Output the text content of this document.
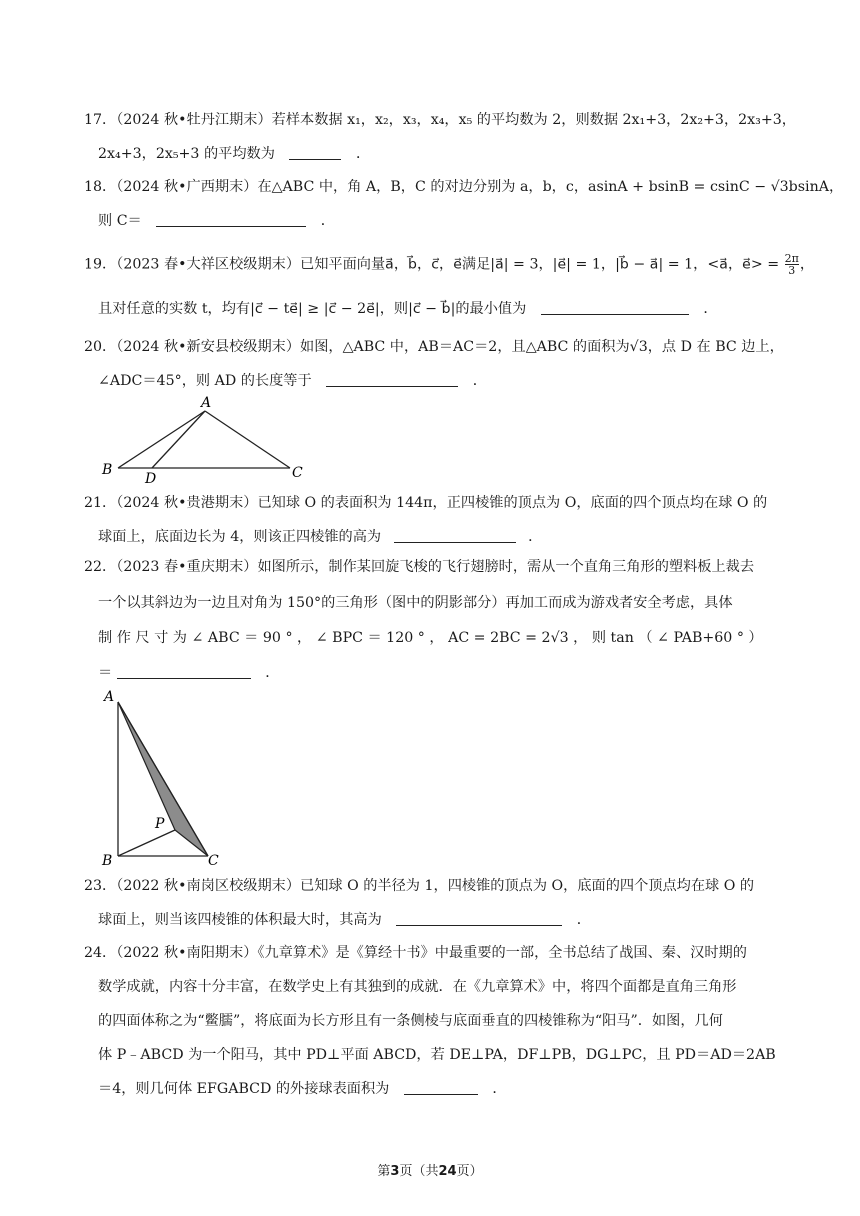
17．（2024 秋•牡丹江期末）若样本数据 x₁，x₂，x₃，x₄，x₅ 的平均数为 2，则数据 2x₁+3，2x₂+3，2x₃+3，
2x₄+3，2x₅+3 的平均数为	．
18．（2024 秋•广西期末）在△ABC 中，角 A，B，C 的对边分别为 a，b，c，asinA + bsinB = csinC − √3bsinA，
则 C＝	．
19．（2023 春•大祥区校级期末）已知平面向量a⃗，b⃗，c⃗，e⃗满足|a⃗| = 3，|e⃗| = 1，|b⃗ − a⃗| = 1，<a⃗，e⃗> = $\frac{2\pi}{3}$ ，
且对任意的实数 t，均有|c⃗ − te⃗| ≥ |c⃗ − 2e⃗|，则|c⃗ − b⃗|的最小值为	．
20．（2024 秋•新安县校级期末）如图，△ABC 中，AB＝AC＝2，且△ABC 的面积为√3，点 D 在 BC 边上，
∠ADC＝45°，则 AD 的长度等于	．
A
B	C
D
21．（2024 秋•贵港期末）已知球 O 的表面积为 144π，正四棱锥的顶点为 O，底面的四个顶点均在球 O 的
球面上，底面边长为 4，则该正四棱锥的高为	．
22．（2023 春•重庆期末）如图所示，制作某回旋飞梭的飞行翅膀时，需从一个直角三角形的塑料板上裁去
一个以其斜边为一边且对角为 150°的三角形（图中的阴影部分）再加工而成为游戏者安全考虑，具体
制 作 尺 寸 为 ∠ ABC ＝ 90 ° ， ∠ BPC ＝ 120 ° ， AC = 2BC = 2√3 ， 则 tan （ ∠ PAB+60 ° ）
＝	．
A
B	C
P
23．（2022 秋•南岗区校级期末）已知球 O 的半径为 1，四棱锥的顶点为 O，底面的四个顶点均在球 O 的
球面上，则当该四棱锥的体积最大时，其高为	．
24．（2022 秋•南阳期末）《九章算术》是《算经十书》中最重要的一部，全书总结了战国、秦、汉时期的
数学成就，内容十分丰富，在数学史上有其独到的成就．在《九章算术》中，将四个面都是直角三角形
的四面体称之为“鳖臑”，将底面为长方形且有一条侧棱与底面垂直的四棱锥称为“阳马”．如图，几何
体 P﹣ABCD 为一个阳马，其中 PD⊥平面 ABCD，若 DE⊥PA，DF⊥PB，DG⊥PC，且 PD＝AD＝2AB
＝4，则几何体 EFGABCD 的外接球表面积为	．
第3页（共24页）
